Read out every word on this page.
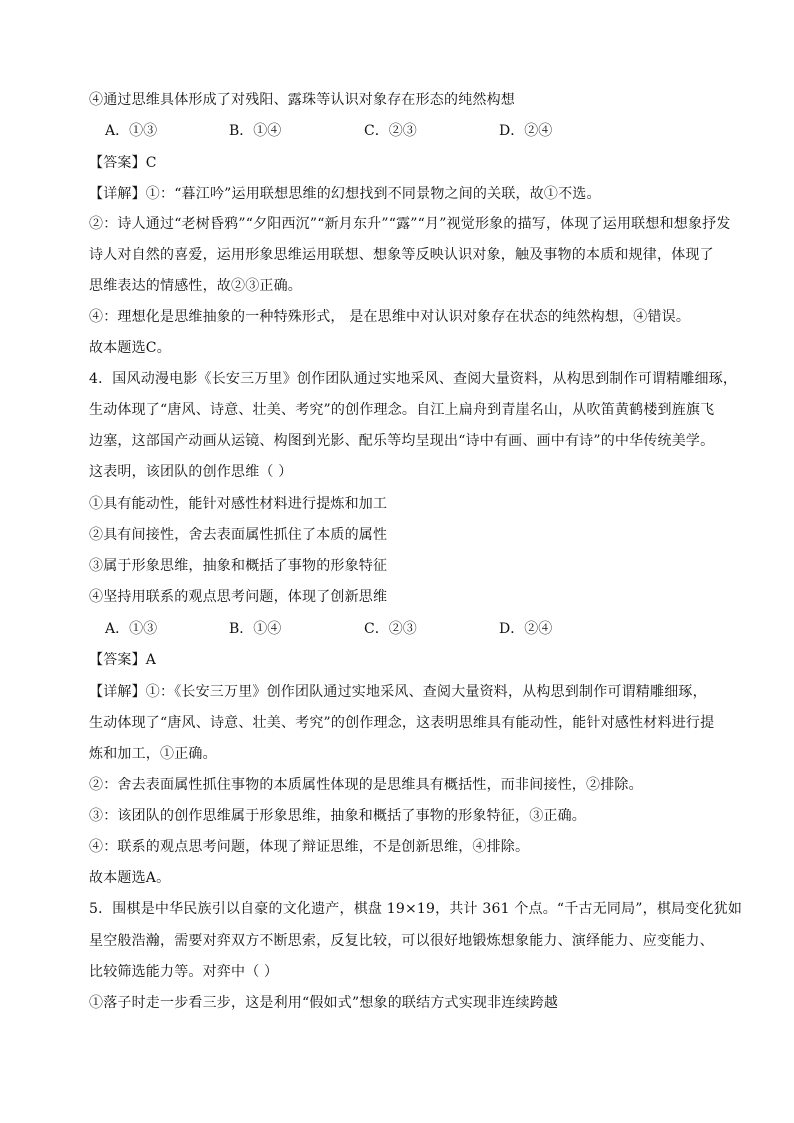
④通过思维具体形成了对残阳、露珠等认识对象存在形态的纯然构想
A．①③	B．①④	C．②③	D．②④
【答案】C
【详解】①：“暮江吟”运用联想思维的幻想找到不同景物之间的关联，故①不选。
②：诗人通过“老树昏鸦”“夕阳西沉”“新月东升”“露”“月”视觉形象的描写，体现了运用联想和想象抒发
诗人对自然的喜爱，运用形象思维运用联想、想象等反映认识对象，触及事物的本质和规律，体现了
思维表达的情感性，故②③正确。
④：理想化是思维抽象的一种特殊形式， 是在思维中对认识对象存在状态的纯然构想，④错误。
故本题选C。
4．国风动漫电影《长安三万里》创作团队通过实地采风、查阅大量资料，从构思到制作可谓精雕细琢，
生动体现了“唐风、诗意、壮美、考究”的创作理念。自江上扁舟到青崖名山，从吹笛黄鹤楼到旌旗飞
边塞，这部国产动画从运镜、构图到光影、配乐等均呈现出“诗中有画、画中有诗”的中华传统美学。
这表明，该团队的创作思维（ ）
①具有能动性，能针对感性材料进行提炼和加工
②具有间接性，舍去表面属性抓住了本质的属性
③属于形象思维，抽象和概括了事物的形象特征
④坚持用联系的观点思考问题，体现了创新思维
A．①③	B．①④	C．②③	D．②④
【答案】A
【详解】①：《长安三万里》创作团队通过实地采风、查阅大量资料，从构思到制作可谓精雕细琢，
生动体现了“唐风、诗意、壮美、考究”的创作理念，这表明思维具有能动性，能针对感性材料进行提
炼和加工，①正确。
②：舍去表面属性抓住事物的本质属性体现的是思维具有概括性，而非间接性，②排除。
③：该团队的创作思维属于形象思维，抽象和概括了事物的形象特征，③正确。
④：联系的观点思考问题，体现了辩证思维，不是创新思维，④排除。
故本题选A。
5．围棋是中华民族引以自豪的文化遗产，棋盘 19×19，共计 361 个点。“千古无同局”，棋局变化犹如
星空般浩瀚，需要对弈双方不断思索，反复比较，可以很好地锻炼想象能力、演绎能力、应变能力、
比较筛选能力等。对弈中（ ）
①落子时走一步看三步，这是利用“假如式”想象的联结方式实现非连续跨越
